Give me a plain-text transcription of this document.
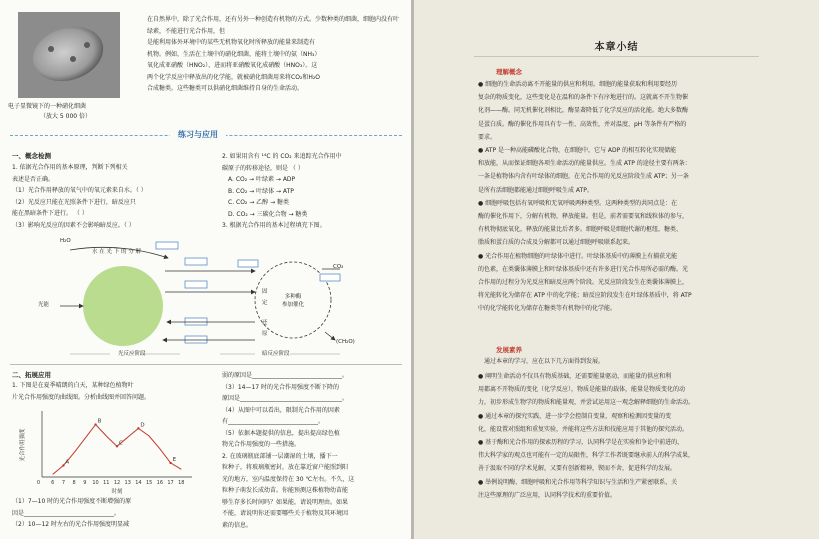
电子显微镜下的一种硝化细菌
（放大 5 000 倍）

在自然界中，除了光合作用，还有另外一种创造有机物的方式。少数种类的细菌，细胞内没有叶绿素，不能进行光合作用，但

是能利用体外环境中的某些无机物氧化时所释放的能量来制造有

机物。例如，生活在土壤中的硝化细菌，能将土壤中的氨（NH₃）

氧化成亚硝酸（HNO₂），进而将亚硝酸氧化成硝酸（HNO₃）。这

两个化学反应中释放出的化学能，就被硝化细菌用来将CO₂和H₂O

合成糖类。这些糖类可以供硝化细菌维持自身的生命活动。

练习与应用
一、概念检测

1. 依据光合作用的基本原理，判断下列相关

表述是否正确。

（1）光合作用释放的氧气中的氧元素来自水。（ ）

（2）光反应只能在光照条件下进行，暗反应只

能在黑暗条件下进行。 （ ）

（3）影响光反应的因素不会影响暗反应。（ ）

2. 如果用含有 ¹⁴C 的 CO₂ 来追踪光合作用中

碳原子的转移途径，则是 （ ）

A. CO₂ → 叶绿素 → ADP

B. CO₂ → 叶绿体 → ATP

C. CO₂ → 乙醇 → 糖类

D. CO₂ → 三碳化合物 → 糖类

3. 根据光合作用的基本过程填充下图。

H₂O
水 在 光 下 的 分 解
光能
CO₂
多种酶
参加催化
(CH₂O)
固
定
还
原
光反应阶段	暗反应阶段
二、拓展应用

1. 下图是在夏季晴朗的白天，某种绿色植物叶

片光合作用强度的曲线图。分析曲线图并回答问题。

0 6 7 8 9 10 11 12 13 14 15 16 17 18
A
B
C
D
E
光合作用强度
时刻

（1）7—10 时的光合作用强度不断增强的原

因是______________________________。

（2）10—12 时左右的光合作用强度明显减

弱的原因是______________________________。

（3）14—17 时的光合作用强度不断下降的

原因是__________________________________。

（4）从图中可以看出，限制光合作用的因素

有______________________________。

（5）依据本题提供的信息，提出提高绿色植

物光合作用强度的一些措施。

2. 在玻璃瓶底部铺一层潮湿的土壤，播下一

粒种子，将玻璃瓶密封，放在靠近窗户能照到阳

光的地方，室内温度保持在 30 ℃左右。不久，这

粒种子萌发长成幼苗。你能预测这株植物幼苗能

够生存多长时间吗？如果能，请说明理由。如果

不能，请说明你还需要哪些关于植物及其环境因

素的信息。

本章小结
理解概念

● 细胞的生命活动离不开能量的供应和利用。细胞的能量获取和利用要经历

复杂的物质变化，这些变化是在温和的条件下有序地进行的。这就离不开生物催

化剂——酶。同无机催化剂相比，酶显著降低了化学反应的活化能。绝大多数酶

是蛋白质。酶的催化作用具有专一性、高效性，并对温度、pH 等条件有严格的

要求。

● ATP 是一种高能磷酸化合物，在细胞中，它与 ADP 的相互转化实现储能

和放能，从而保证细胞各项生命活动的能量供应。生成 ATP 的途径主要有两条：

一条是植物体内含有叶绿体的细胞，在光合作用的光反应阶段生成 ATP；另一条

是所有活细胞都能通过细胞呼吸生成 ATP。

● 细胞呼吸包括有氧呼吸和无氧呼吸两种类型。这两种类型的共同点是：在

酶的催化作用下，分解有机物，释放能量。但是，前者需要氧和线粒体的参与，

有机物彻底氧化，释放的能量比后者多。细胞呼吸是细胞代谢的枢纽，糖类、

脂质和蛋白质的合成及分解都可以通过细胞呼吸联系起来。

● 光合作用在植物细胞的叶绿体中进行。叶绿体基质中的薄膜上有捕获光能

的色素，在类囊体薄膜上和叶绿体基质中还有许多进行光合作用所必需的酶。光

合作用的过程分为光反应和暗反应两个阶段。光反应阶段发生在类囊体薄膜上，

将光能转化为储存在 ATP 中的化学能；暗反应阶段发生在叶绿体基质中，将 ATP

中的化学能转化为储存在糖类等有机物中的化学能。

发展素养
通过本章的学习，应在以下几方面得到发展。

● 阐明生命活动不仅具有物质基础，还需要能量驱动，而能量的供应和利

用都离不开物质的变化（化学反应），物质是能量的载体，能量是物质变化的动

力，初步形成生物学的物质和能量观，并尝试运用这一观念解释细胞的生命活动。

● 通过本章的探究实践，进一步学会控制自变量，观察和检测因变量的变

化，能设置对照组和重复实验，并能将这些方法和技能应用于其他的探究活动。

● 基于酶和光合作用的探索历程的学习，认同科学是在实验和争论中前进的，

伟大科学家的观点也可能有一定的局限性，科学工作者既要继承前人的科学成果，

善于汲取不同的学术见解，又要有创新精神，锲而不舍，促进科学的发展。

● 举例说明酶、细胞呼吸和光合作用等科学知识与生活和生产紧密联系，关

注这些原理的广泛应用，认同科学技术的重要价值。
